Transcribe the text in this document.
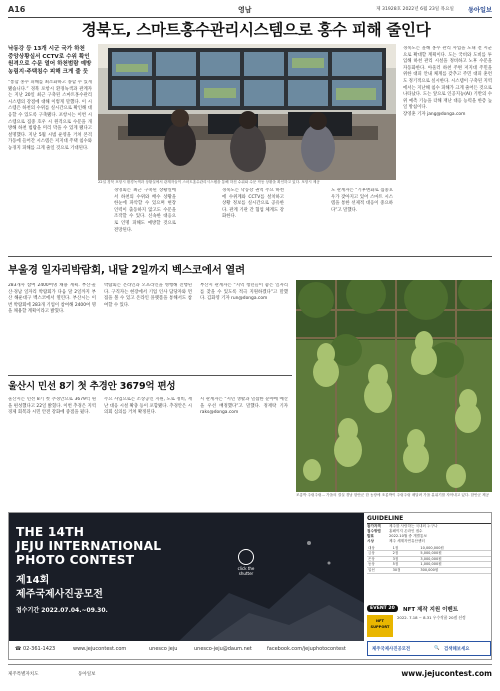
A16	영남	제 31928호 2022년 6월 23일 목요일 동아일보
경북도, 스마트홍수관리시스템으로 홍수 피해 줄인다
낙동강 등 13개 시군 국가 하천 중앙상황실서 CCTV로 수위 확인 원격으로 수문 열어 하천범람 예방 농림지·주택침수 피해 크게 줄 듯
“통합 홍수 피해를 최소화하고 종합 수 있게 됐습니다.” 경북 포항시 환경녹색과 관계자는 지난 20일 최근 구축된 스마트홍수관리시스템의 강점에 대해 이렇게 말했다. 이 시스템은 하천의 수위를 실시간으로 확인해 대응할 수 있도록 구축됐다. 포항시는 이번 시스템으로 집중 호우 시 원격으로 수문을 개방해 하천 범람을 미리 막을 수 있게 됐다고 설명했다. 지난 5월 시범 운영을 거쳐 본격 가동에 들어간 시스템은 저지대 주택 침수와 농경지 피해를 크게 줄일 것으로 기대된다.
22일 경북 포항시 환경녹색과 상황실에서 관계자들이 스마트홍수관리시스템을 통해 하천 수위와 수문 작동 상황을 확인하고 있다. 포항시 제공
경영회는 최근 구축된 상황실에서 하천의 수위와 배수 상황을 한눈에 파악할 수 있으며 현장 인력이 출동하지 않고도 수문을 조작할 수 있다. 신속한 대응으로 인명 피해도 예방할 것으로 전망된다.
경북도는 낙동강 권역 주요 하천에 수위계와 CCTV를 설치하고 상황 정보를 실시간으로 공유한다. 관계 기관 간 협업 체계도 강화한다.
도 관계자는 “기후변화로 집중호우가 잦아지고 있어 스마트 시스템을 통한 선제적 대응이 중요하다”고 말했다.
경북도는 올해 홍수 관리 사업을 도내 전 시군으로 확대할 계획이다. 도는 국비와 도비를 투입해 하천 관리 시설을 정비하고 노후 수문을 자동화한다. 아울러 하천 주변 저지대 주민을 위한 대피 안내 체계를 갖추고 주민 대피 훈련도 정기적으로 실시한다. 시스템이 구축된 지역에서는 지난해 침수 피해가 크게 줄어든 것으로 나타났다. 도는 앞으로 인공지능(AI) 기반의 수위 예측 기능을 더해 재난 대응 능력을 한층 높일 방침이다.
장영훈 기자 jang@donga.com
부울경 일자리박람회, 내달 2일까지 벡스코에서 열려
283개사 참여 2400여명 채용 계획. 부산·울산·경남 일자리 박람회가 다음 달 2일까지 부산 해운대구 벡스코에서 열린다. 부산시는 이번 박람회에 283개 기업이 참여해 2400여 명을 채용할 계획이라고 밝혔다.
박람회는 온라인과 오프라인을 병행해 진행된다. 구직자는 현장에서 기업 인사 담당자와 면접을 볼 수 있고 온라인 플랫폼을 통해서도 참여할 수 있다.
부산시 관계자는 “지역 청년들이 좋은 일자리를 찾을 수 있도록 적극 지원하겠다”고 말했다. 김화영 기자 run@donga.com
조롱박 주렁주렁… 가을의 결실 경남 함안군 한 농장에 조롱박이 주렁주렁 매달려 가을 분위기를 자아내고 있다. 함안군 제공
울산시 민선 8기 첫 추경안 3679억 편성
울산시는 민선 8기 첫 추경안으로 3679억 원을 편성했다고 22일 밝혔다. 이번 추경은 지역 경제 회복과 시민 안전 강화에 중점을 뒀다.
주요 사업으로는 소상공인 지원, 도로 정비, 재난 대응 시설 확충 등이 포함됐다. 추경안은 시의회 심의를 거쳐 확정된다.
시 관계자는 “시민 생활과 밀접한 분야에 예산을 우선 배정했다”고 말했다. 정재락 기자 raks@donga.com
THE 14TH
JEJU INTERNATIONAL
PHOTO CONTEST
제14회
제주국제사진공모전
접수기간 2022.07.04.~09.30.
click the shutter
☎ 02-361-1423	www.jejucontest.com	unesco jeju	unesco-jeju@daum.net	facebook.com/jejuphotocontest
GUIDELINE
참가자격	제주를 사랑하는 국내외 누구나
접수방법	홈페이지 온라인 접수
발표	2022.10월 중 개별통보
시상	제주 세계자연유산센터
대상	1점	10,000,000원
금상	2점	5,000,000원
은상	3점	3,000,000원
동상	5점	1,000,000원
입선	30점	300,000원
EVENT 20	NFT 제작 지원 이벤트
NFT SUPPORT
2022. 7.18 ~ 8.31 우수작품 20점 선정
제주국제사진공모전	🔍 검색해보세요
제주특별자치도	동아일보	www.jejucontest.com
